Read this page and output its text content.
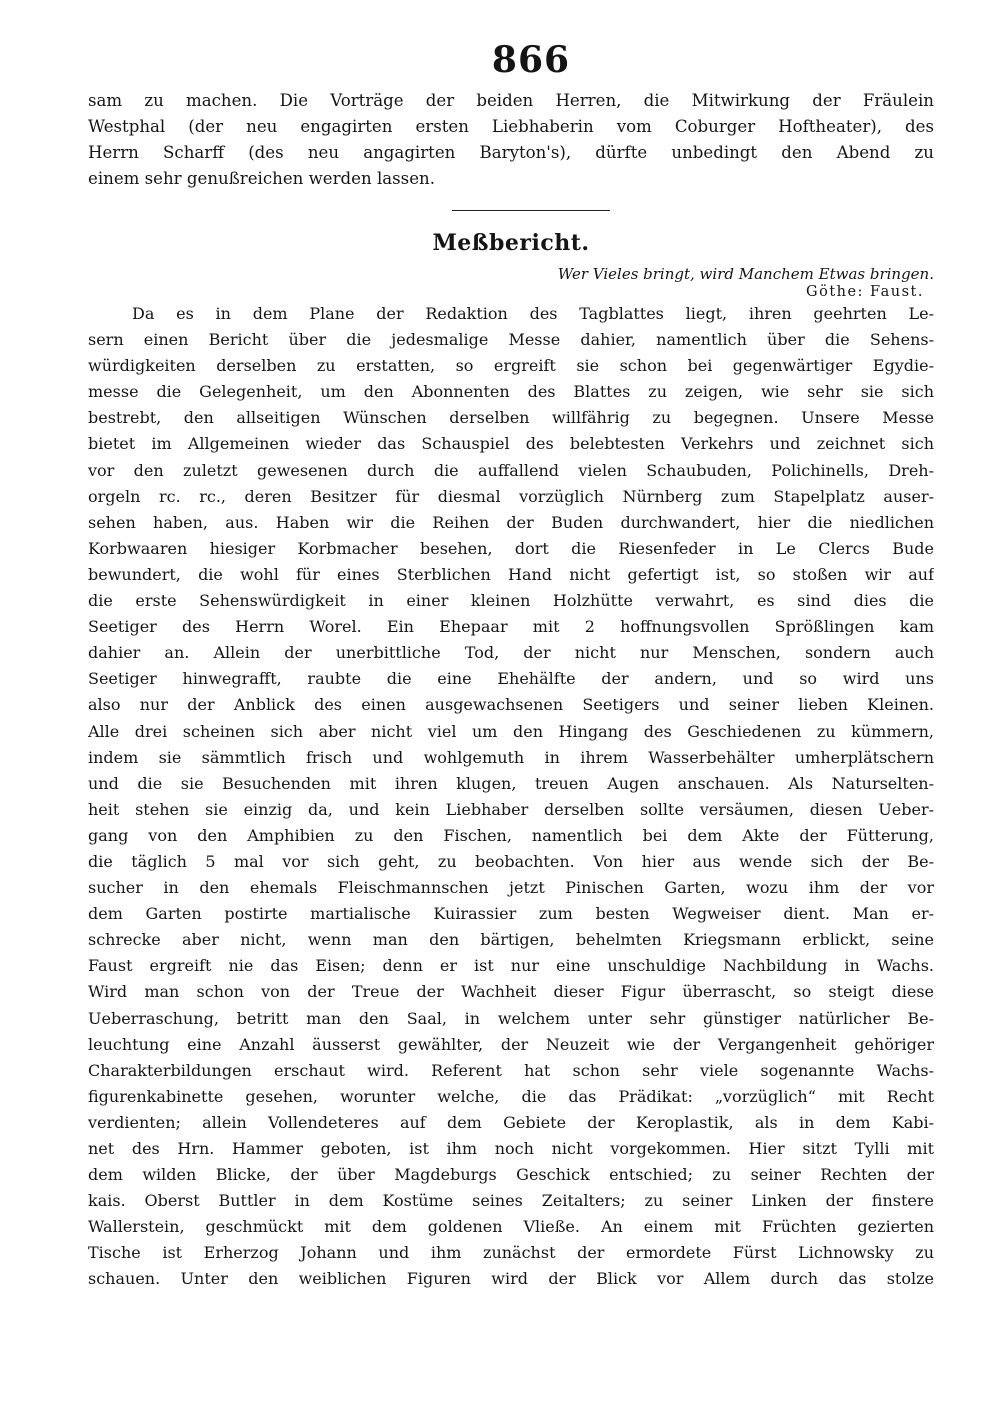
866
sam zu machen. Die Vorträge der beiden Herren, die Mitwirkung der Fräulein
Westphal (der neu engagirten ersten Liebhaberin vom Coburger Hoftheater), des
Herrn Scharff (des neu angagirten Baryton's), dürfte unbedingt den Abend zu
einem sehr genußreichen werden lassen.
Meßbericht.
Wer Vieles bringt, wird Manchem Etwas bringen.
Göthe: Faust.
Da es in dem Plane der Redaktion des Tagblattes liegt, ihren geehrten Le-
sern einen Bericht über die jedesmalige Messe dahier, namentlich über die Sehens-
würdigkeiten derselben zu erstatten, so ergreift sie schon bei gegenwärtiger Egydie-
messe die Gelegenheit, um den Abonnenten des Blattes zu zeigen, wie sehr sie sich
bestrebt, den allseitigen Wünschen derselben willfährig zu begegnen. Unsere Messe
bietet im Allgemeinen wieder das Schauspiel des belebtesten Verkehrs und zeichnet sich
vor den zuletzt gewesenen durch die auffallend vielen Schaubuden, Polichinells, Dreh-
orgeln rc. rc., deren Besitzer für diesmal vorzüglich Nürnberg zum Stapelplatz auser-
sehen haben, aus. Haben wir die Reihen der Buden durchwandert, hier die niedlichen
Korbwaaren hiesiger Korbmacher besehen, dort die Riesenfeder in Le Clercs Bude
bewundert, die wohl für eines Sterblichen Hand nicht gefertigt ist, so stoßen wir auf
die erste Sehenswürdigkeit in einer kleinen Holzhütte verwahrt, es sind dies die
Seetiger des Herrn Worel. Ein Ehepaar mit 2 hoffnungsvollen Sprößlingen kam
dahier an. Allein der unerbittliche Tod, der nicht nur Menschen, sondern auch
Seetiger hinwegrafft, raubte die eine Ehehälfte der andern, und so wird uns
also nur der Anblick des einen ausgewachsenen Seetigers und seiner lieben Kleinen.
Alle drei scheinen sich aber nicht viel um den Hingang des Geschiedenen zu kümmern,
indem sie sämmtlich frisch und wohlgemuth in ihrem Wasserbehälter umherplätschern
und die sie Besuchenden mit ihren klugen, treuen Augen anschauen. Als Naturselten-
heit stehen sie einzig da, und kein Liebhaber derselben sollte versäumen, diesen Ueber-
gang von den Amphibien zu den Fischen, namentlich bei dem Akte der Fütterung,
die täglich 5 mal vor sich geht, zu beobachten. Von hier aus wende sich der Be-
sucher in den ehemals Fleischmannschen jetzt Pinischen Garten, wozu ihm der vor
dem Garten postirte martialische Kuirassier zum besten Wegweiser dient. Man er-
schrecke aber nicht, wenn man den bärtigen, behelmten Kriegsmann erblickt, seine
Faust ergreift nie das Eisen; denn er ist nur eine unschuldige Nachbildung in Wachs.
Wird man schon von der Treue der Wachheit dieser Figur überrascht, so steigt diese
Ueberraschung, betritt man den Saal, in welchem unter sehr günstiger natürlicher Be-
leuchtung eine Anzahl äusserst gewählter, der Neuzeit wie der Vergangenheit gehöriger
Charakterbildungen erschaut wird. Referent hat schon sehr viele sogenannte Wachs-
figurenkabinette gesehen, worunter welche, die das Prädikat: „vorzüglich“ mit Recht
verdienten; allein Vollendeteres auf dem Gebiete der Keroplastik, als in dem Kabi-
net des Hrn. Hammer geboten, ist ihm noch nicht vorgekommen. Hier sitzt Tylli mit
dem wilden Blicke, der über Magdeburgs Geschick entschied; zu seiner Rechten der
kais. Oberst Buttler in dem Kostüme seines Zeitalters; zu seiner Linken der finstere
Wallerstein, geschmückt mit dem goldenen Vließe. An einem mit Früchten gezierten
Tische ist Erherzog Johann und ihm zunächst der ermordete Fürst Lichnowsky zu
schauen. Unter den weiblichen Figuren wird der Blick vor Allem durch das stolze
